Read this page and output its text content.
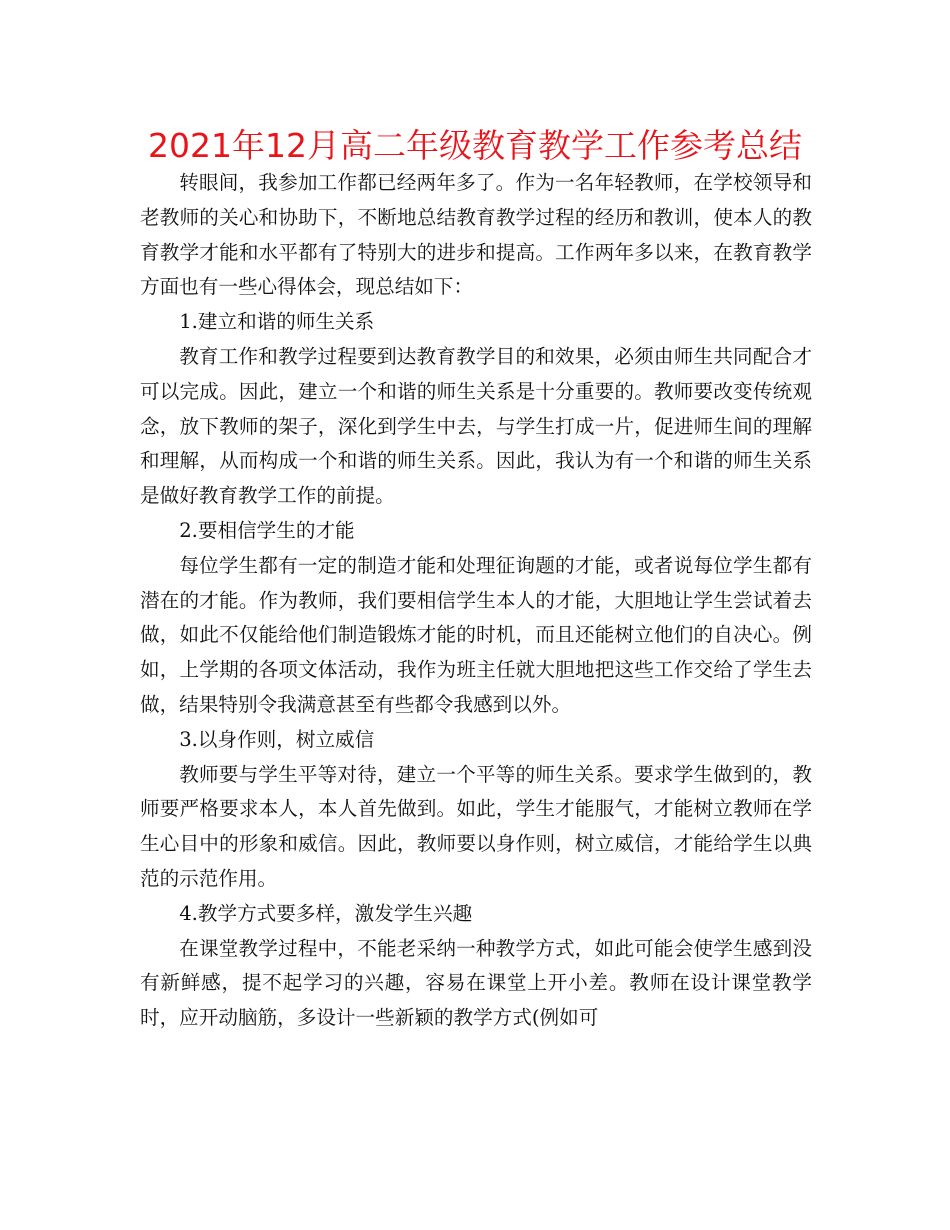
2021年12月高二年级教育教学工作参考总结

转眼间，我参加工作都已经两年多了。作为一名年轻教师，在学校领导和老教师的关心和协助下，不断地总结教育教学过程的经历和教训，使本人的教育教学才能和水平都有了特别大的进步和提高。工作两年多以来，在教育教学方面也有一些心得体会，现总结如下：

1.建立和谐的师生关系

教育工作和教学过程要到达教育教学目的和效果，必须由师生共同配合才可以完成。因此，建立一个和谐的师生关系是十分重要的。教师要改变传统观念，放下教师的架子，深化到学生中去，与学生打成一片，促进师生间的理解和理解，从而构成一个和谐的师生关系。因此，我认为有一个和谐的师生关系是做好教育教学工作的前提。

2.要相信学生的才能

每位学生都有一定的制造才能和处理征询题的才能，或者说每位学生都有潜在的才能。作为教师，我们要相信学生本人的才能，大胆地让学生尝试着去做，如此不仅能给他们制造锻炼才能的时机，而且还能树立他们的自决心。例如，上学期的各项文体活动，我作为班主任就大胆地把这些工作交给了学生去做，结果特别令我满意甚至有些都令我感到以外。

3.以身作则，树立威信

教师要与学生平等对待，建立一个平等的师生关系。要求学生做到的，教师要严格要求本人，本人首先做到。如此，学生才能服气，才能树立教师在学生心目中的形象和威信。因此，教师要以身作则，树立威信，才能给学生以典范的示范作用。

4.教学方式要多样，激发学生兴趣

在课堂教学过程中，不能老采纳一种教学方式，如此可能会使学生感到没有新鲜感，提不起学习的兴趣，容易在课堂上开小差。教师在设计课堂教学时，应开动脑筋，多设计一些新颖的教学方式(例如可
